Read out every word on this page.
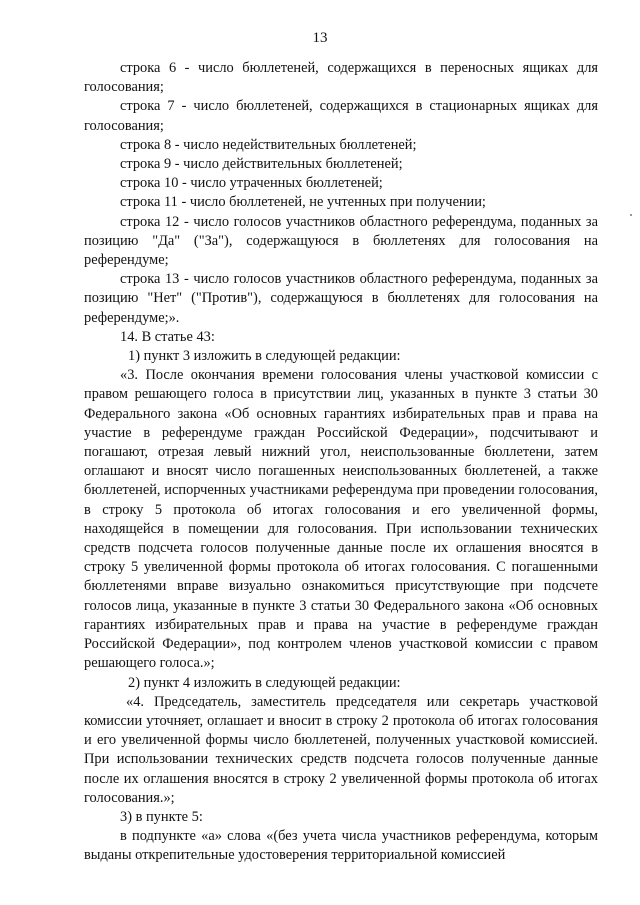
13

строка 6 - число бюллетеней, содержащихся в переносных ящиках для голосования;

строка 7 - число бюллетеней, содержащихся в стационарных ящиках для голосования;

строка 8 - число недействительных бюллетеней;

строка 9 - число действительных бюллетеней;

строка 10 - число утраченных бюллетеней;

строка 11 - число бюллетеней, не учтенных при получении;

строка 12 - число голосов участников областного референдума, поданных за позицию "Да" ("За"), содержащуюся в бюллетенях для голосования на референдуме;

строка 13 - число голосов участников областного референдума, поданных за позицию "Нет" ("Против"), содержащуюся в бюллетенях для голосования на референдуме;».

14. В статье 43:

1) пункт 3 изложить в следующей редакции:

«3. После окончания времени голосования члены участковой комиссии с правом решающего голоса в присутствии лиц, указанных в пункте 3 статьи 30 Федерального закона «Об основных гарантиях избирательных прав и права на участие в референдуме граждан Российской Федерации», подсчитывают и погашают, отрезая левый нижний угол, неиспользованные бюллетени, затем оглашают и вносят число погашенных неиспользованных бюллетеней, а также бюллетеней, испорченных участниками референдума при проведении голосования, в строку 5 протокола об итогах голосования и его увеличенной формы, находящейся в помещении для голосования. При использовании технических средств подсчета голосов полученные данные после их оглашения вносятся в строку 5 увеличенной формы протокола об итогах голосования. С погашенными бюллетенями вправе визуально ознакомиться присутствующие при подсчете голосов лица, указанные в пункте 3 статьи 30 Федерального закона «Об основных гарантиях избирательных прав и права на участие в референдуме граждан Российской Федерации», под контролем членов участковой комиссии с правом решающего голоса.»;

2) пункт 4 изложить в следующей редакции:

«4. Председатель, заместитель председателя или секретарь участковой комиссии уточняет, оглашает и вносит в строку 2 протокола об итогах голосования и его увеличенной формы число бюллетеней, полученных участковой комиссией. При использовании технических средств подсчета голосов полученные данные после их оглашения вносятся в строку 2 увеличенной формы протокола об итогах голосования.»;

3) в пункте 5:

в подпункте «а» слова «(без учета числа участников референдума, которым выданы открепительные удостоверения территориальной комиссией
